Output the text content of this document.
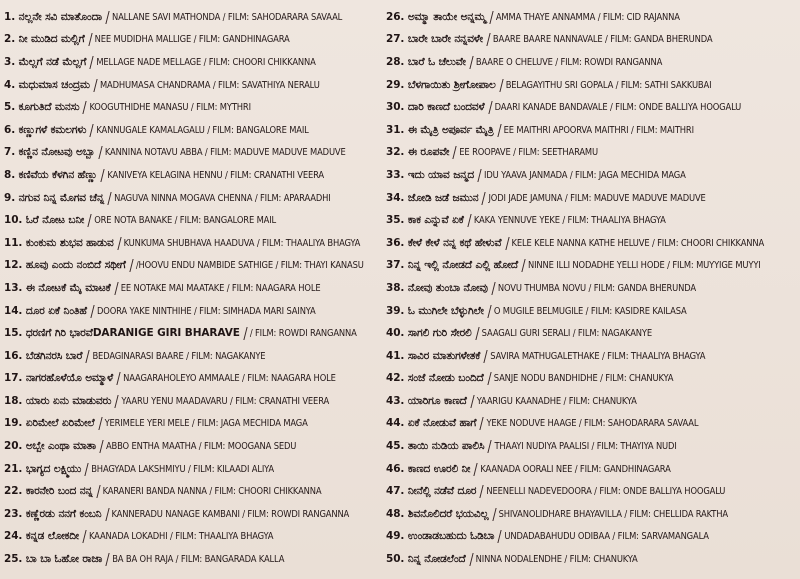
1. ನಲ್ಲನೇ ಸವಿ ಮಾತೊಂದಾ NALLANE SAVI MATHONDA / FILM: SAHODARARA SAVAAL
2. ನೀ ಮುಡಿದ ಮಲ್ಲಿಗೆ NEE MUDIDHA MALLIGE / FILM: GANDHINAGARA
3. ಮೆಲ್ಲಗೆ ನಡೆ ಮೆಲ್ಲಗೆ MELLAGE NADE MELLAGE / FILM: CHOORI CHIKKANNA
4. ಮಧುಮಾಸ ಚಂದ್ರಮ MADHUMASA CHANDRAMA / FILM: SAVATHIYA NERALU
5. ಕೂಗುತಿದೆ ಮನಸು KOOGUTHIDHE MANASU / FILM: MYTHRI
6. ಕಣ್ಣುಗಳೆ ಕಮಲಗಳು KANNUGALE KAMALAGALU / FILM: BANGALORE MAIL
7. ಕಣ್ಣಿನ ನೋಟವು ಅಬ್ಬಾ KANNINA NOTAVU ABBA / FILM: MADUVE MADUVE MADUVE
8. ಕಣಿವೆಯ ಕೆಳಗಿನ ಹೆಣ್ಣು KANIVEYA KELAGINA HENNU / FILM: CRANATHI VEERA
9. ನಗುವ ನಿನ್ನ ಮೊಗವ ಚೆನ್ನ NAGUVA NINNA MOGAVA CHENNA / FILM: APARAADHI
10. ಓರೆ ನೋಟ ಬನೀ ORE NOTA BANAKE / FILM: BANGALORE MAIL
11. ಕುಂಕುಮ ಶುಭವ ಹಾಡುವ KUNKUMA SHUBHAVA HAADUVA / FILM: THAALIYA BHAGYA
12. ಹೂವು ಎಂದು ನಂಬಿದೆ ಸಥೀಗೆ /HOOVU ENDU NAMBIDE SATHIGE / FILM: THAYI KANASU
13. ಈ ನೋಟಕೆ ಮೈ ಮಾಟಕೆ EE NOTAKE MAI MAATAKE / FILM: NAAGARA HOLE
14. ದೂರ ಏಕೆ ನಿಂತಿಹೆ DOORA YAKE NINTHIHE / FILM: SIMHADA MARI SAINYA
15. ಧರಣಿಗೆ ಗಿರಿ ಭಾರವೆDARANIGE GIRI BHARAVE / FILM: ROWDI RANGANNA
16. ಬೆಡಗಿನರಸಿ ಬಾರೆ BEDAGINARASI BAARE / FILM: NAGAKANYE
17. ನಾಗರಹೊಳೆಯೊ ಅಮ್ಮಾಳೆ NAAGARAHOLEYO AMMAALE / FILM: NAAGARA HOLE
18. ಯಾರು ಏನು ಮಾಡುವರು YAARU YENU MAADAVARU / FILM: CRANATHI VEERA
19. ಏರಿಮೇಲೆ ಏರಿಮೇಲೆ YERIMELE YERI MELE / FILM: JAGA MECHIDA MAGA
20. ಅಬ್ಬೇ ಎಂಥಾ ಮಾತಾ ABBO ENTHA MAATHA / FILM: MOOGANA SEDU
21. ಭಾಗ್ಯದ ಲಕ್ಷ್ಮಿಯು BHAGYADA LAKSHMIYU / FILM: KILAADI ALIYA
22. ಕಾರನೇರಿ ಬಂದ ನನ್ನ KARANERI BANDA NANNA / FILM: CHOORI CHIKKANNA
23. ಕಣ್ಣೆರಡು ನನಗೆ ಕಂಬನಿ KANNERADU NANAGE KAMBANI / FILM: ROWDI RANGANNA
24. ಕನ್ನಡ ಲೋಕದೀ KAANADA LOKADHI / FILM: THAALIYA BHAGYA
25. ಬಾ ಬಾ ಓಹೋ ರಾಜಾ BA BA OH RAJA / FILM: BANGARADA KALLA
26. ಅಮ್ಮಾ ತಾಯೇ ಅನ್ನಮ್ಮ AMMA THAYE ANNAMMA / FILM: CID RAJANNA
27. ಬಾರೇ ಬಾರೇ ನನ್ನವಳೇ BAARE BAARE NANNAVALE / FILM: GANDA BHERUNDA
28. ಬಾರೆ ಓ ಚೆಲುವೇ BAARE O CHELUVE / FILM: ROWDI RANGANNA
29. ಬೆಳಗಾಯಿತು ಶ್ರೀಗೋಪಾಲ BELAGAYITHU SRI GOPALA / FILM: SATHI SAKKUBAI
30. ದಾರಿ ಕಾಣದೆ ಬಂದವಳೆ DAARI KANADE BANDAVALE / FILM: ONDE BALLIYA HOOGALU
31. ಈ ಮೈತ್ರಿ ಅಪೂರ್ವ ಮೈತ್ರಿ EE MAITHRI APOORVA MAITHRI / FILM: MAITHRI
32. ಈ ರೂಪವೇ EE ROOPAVE / FILM: SEETHARAMU
33. ಇದು ಯಾವ ಜನ್ಮದ IDU YAAVA JANMADA / FILM: JAGA MECHIDA MAGA
34. ಜೋಡಿ ಜಡೆ ಜಮುನ JODI JADE JAMUNA / FILM: MADUVE MADUVE MADUVE
35. ಕಾಕ ಎನ್ನುವೆ ಏಕೆ KAKA YENNUVE YEKE / FILM: THAALIYA BHAGYA
36. ಕೇಳೆ ಕೇಳೆ ನನ್ನ ಕಥೆ ಹೇಳುವೆ KELE KELE NANNA KATHE HELUVE / FILM: CHOORI CHIKKANNA
37. ನಿನ್ನ ಇಲ್ಲಿ ನೋಡದೆ ಎಲ್ಲಿ ಹೋದೆ NINNE ILLI NODADHE YELLI HODE / FILM: MUYYIGE MUYYI
38. ನೋವು ತುಂಬಾ ನೋವು NOVU THUMBA NOVU / FILM: GANDA BHERUNDA
39. ಓ ಮುಗಿಲೇ ಬೆಳ್ಳುಗಿಲೇ O MUGILE BELMUGILE / FILM: KASIDRE KAILASA
40. ಸಾಗಲಿ ಗುರಿ ಸೇರಲಿ SAAGALI GURI SERALI / FILM: NAGAKANYE
41. ಸಾವಿರ ಮಾತುಗಳೇತಕೆ SAVIRA MATHUGALETHAKE / FILM: THAALIYA BHAGYA
42. ಸಂಜೆ ನೋಡು ಬಂದಿದೆ SANJE NODU BANDHIDHE / FILM: CHANUKYA
43. ಯಾರಿಗೂ ಕಾಣದೆ YAARIGU KAANADHE / FILM: CHANUKYA
44. ಏಕೆ ನೋಡುವೆ ಹಾಗೆ YEKE NODUVE HAAGE / FILM: SAHODARARA SAVAAL
45. ತಾಯಿ ನುಡಿಯ ಪಾಲಿಸಿ THAAYI NUDIYA PAALISI / FILM: THAYIYA NUDI
46. ಕಾಣದ ಊರಲಿ ನೀ KAANADA OORALI NEE / FILM: GANDHINAGARA
47. ನೀನೆಲ್ಲಿ ನಡೆವೆ ದೂರ NEENELLI NADEVEDOORA / FILM: ONDE BALLIYA HOOGALU
48. ಶಿವನೊಲಿದರೆ ಭಯವಿಲ್ಲ SHIVANOLIDHARE BHAYAVILLA / FILM: CHELLIDA RAKTHA
49. ಉಂಡಾಡಬಹುದು ಓಡಿಬಾ UNDADABAHUDU ODIBAA / FILM: SARVAMANGALA
50. ನಿನ್ನ ನೋಡಲೆಂದೆ NINNA NODALENDHE / FILM: CHANUKYA
